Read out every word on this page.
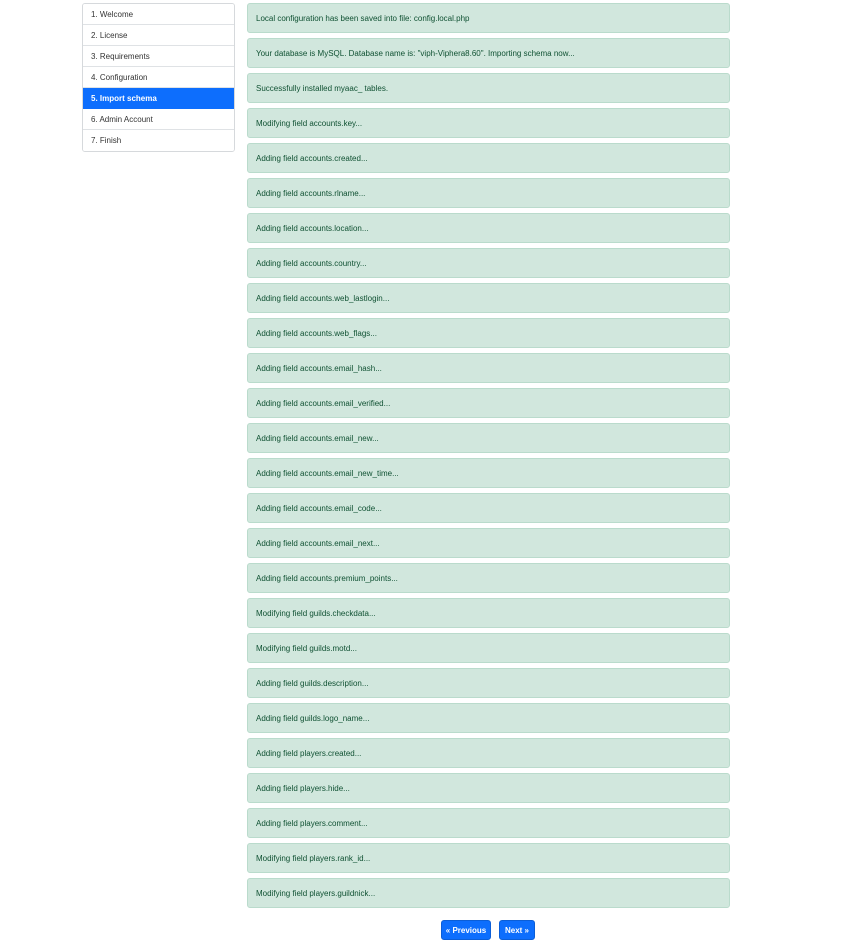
1. Welcome
2. License
3. Requirements
4. Configuration
5. Import schema
6. Admin Account
7. Finish
Local configuration has been saved into file: config.local.php
Your database is MySQL. Database name is: "viph-Viphera8.60". Importing schema now...
Successfully installed myaac_ tables.
Modifying field accounts.key...
Adding field accounts.created...
Adding field accounts.rlname...
Adding field accounts.location...
Adding field accounts.country...
Adding field accounts.web_lastlogin...
Adding field accounts.web_flags...
Adding field accounts.email_hash...
Adding field accounts.email_verified...
Adding field accounts.email_new...
Adding field accounts.email_new_time...
Adding field accounts.email_code...
Adding field accounts.email_next...
Adding field accounts.premium_points...
Modifying field guilds.checkdata...
Modifying field guilds.motd...
Adding field guilds.description...
Adding field guilds.logo_name...
Adding field players.created...
Adding field players.hide...
Adding field players.comment...
Modifying field players.rank_id...
Modifying field players.guildnick...
« Previous	Next »
